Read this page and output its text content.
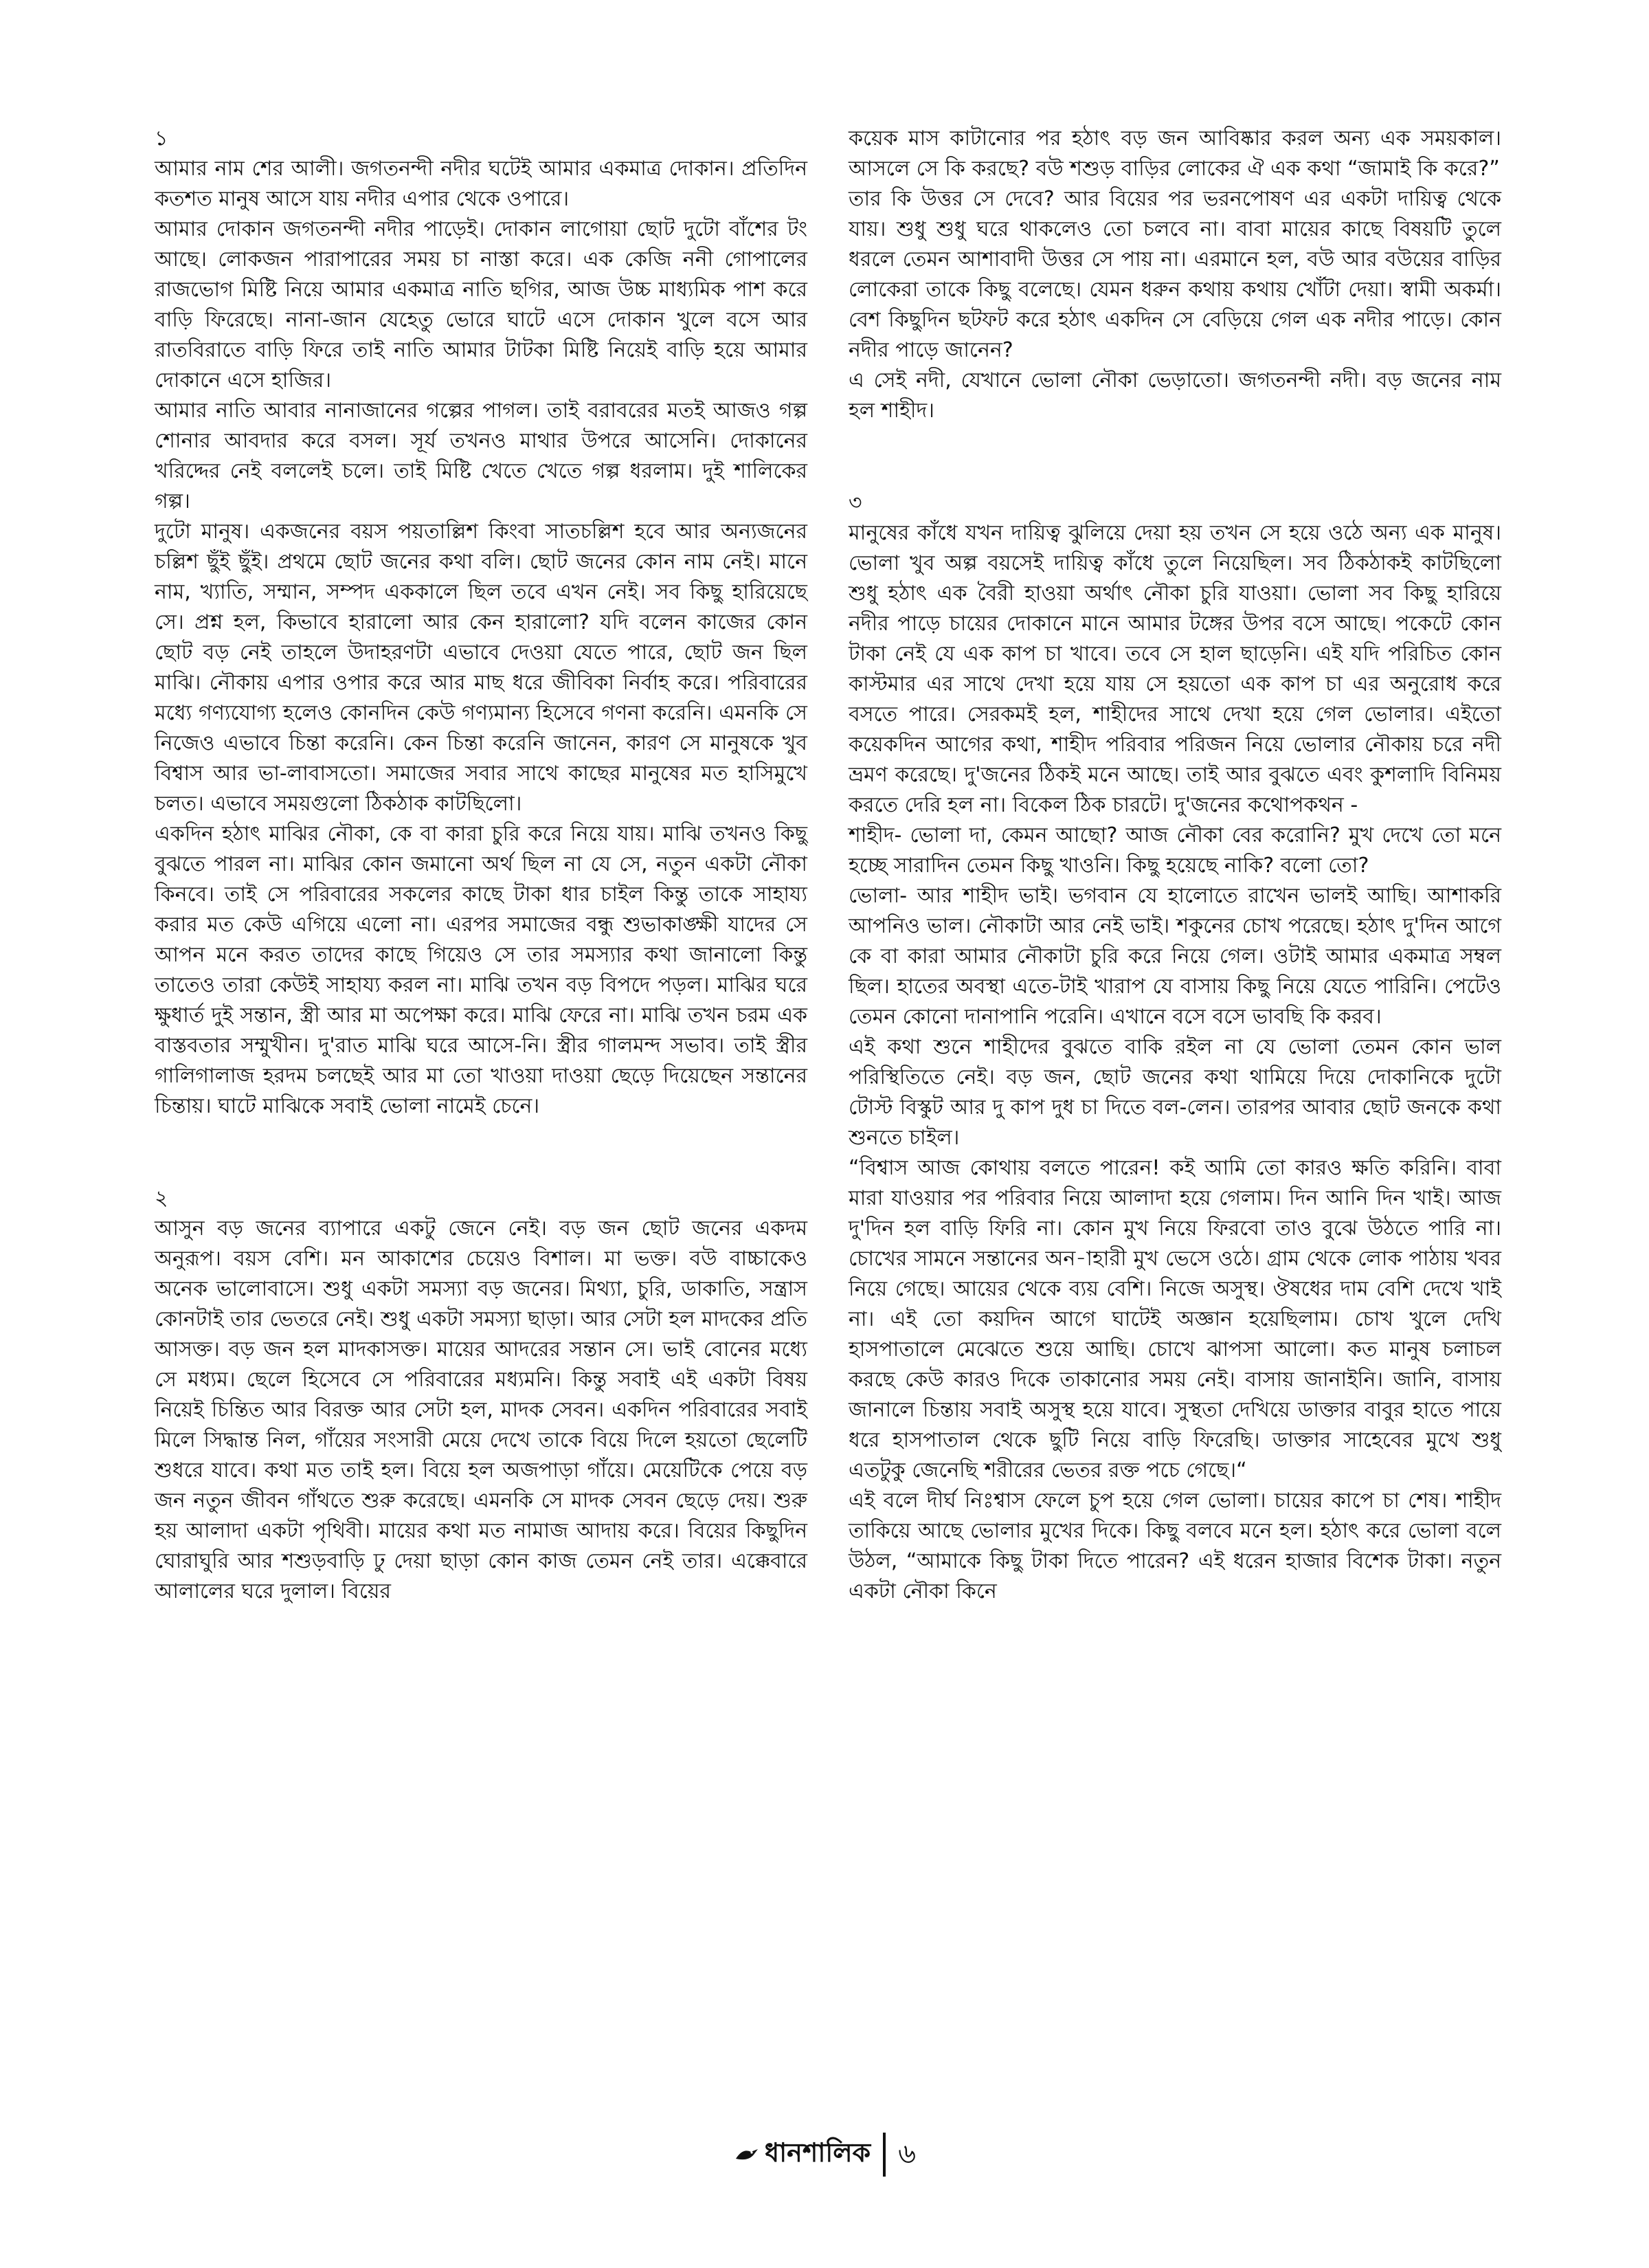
১

আমার নাম শের আলী। জগতনন্দী নদীর ঘটেই আমার একমাত্র দোকান। প্রতিদিন কতশত মানুষ আসে যায় নদীর এপার থেকে ওপারে।

আমার দোকান জগতনন্দী নদীর পাড়েই। দোকান লাগোয়া ছোট দুটো বাঁশের টং আছে। লোকজন পারাপারের সময় চা নাস্তা করে। এক কেজি ননী গোপালের রাজভোগ মিষ্টি নিয়ে আমার একমাত্র নাতি ছগির, আজ উচ্চ মাধ্যমিক পাশ করে বাড়ি ফিরেছে। নানা-জান যেহেতু ভোরে ঘাটে এসে দোকান খুলে বসে আর রাতবিরাতে বাড়ি ফিরে তাই নাতি আমার টাটকা মিষ্টি নিয়েই বাড়ি হয়ে আমার দোকানে এসে হাজির।

আমার নাতি আবার নানাজানের গল্পের পাগল। তাই বরাবরের মতই আজও গল্প শোনার আবদার করে বসল। সূর্য তখনও মাথার উপরে আসেনি। দোকানের খরিদ্দের নেই বললেই চলে। তাই মিষ্টি খেতে খেতে গল্প ধরলাম। দুই শালিকের গল্প।

দুটো মানুষ। একজনের বয়স পয়তাল্লিশ কিংবা সাতচল্লিশ হবে আর অন্যজনের চল্লিশ ছুঁই ছুঁই। প্রথমে ছোট জনের কথা বলি। ছোট জনের কোন নাম নেই। মানে নাম, খ্যাতি, সম্মান, সম্পদ এককালে ছিল তবে এখন নেই। সব কিছু হারিয়েছে সে। প্রশ্ন হল, কিভাবে হারালো আর কেন হারালো? যদি বলেন কাজের কোন ছোট বড় নেই তাহলে উদাহরণটা এভাবে দেওয়া যেতে পারে, ছোট জন ছিল মাঝি। নৌকায় এপার ওপার করে আর মাছ ধরে জীবিকা নির্বাহ করে। পরিবারের মধ্যে গণ্যযোগ্য হলেও কোনদিন কেউ গণ্যমান্য হিসেবে গণনা করেনি। এমনকি সে নিজেও এভাবে চিন্তা করেনি। কেন চিন্তা করেনি জানেন, কারণ সে মানুষকে খুব বিশ্বাস আর ভা-লাবাসতো। সমাজের সবার সাথে কাছের মানুষের মত হাসিমুখে চলত। এভাবে সময়গুলো ঠিকঠাক কাটছিলো।

একদিন হঠাৎ মাঝির নৌকা, কে বা কারা চুরি করে নিয়ে যায়। মাঝি তখনও কিছু বুঝতে পারল না। মাঝির কোন জমানো অর্থ ছিল না যে সে, নতুন একটা নৌকা কিনবে। তাই সে পরিবারের সকলের কাছে টাকা ধার চাইল কিন্তু তাকে সাহায্য করার মত কেউ এগিয়ে এলো না। এরপর সমাজের বন্ধু শুভাকাঙ্ক্ষী যাদের সে আপন মনে করত তাদের কাছে গিয়েও সে তার সমস্যার কথা জানালো কিন্তু তাতেও তারা কেউই সাহায্য করল না। মাঝি তখন বড় বিপদে পড়ল। মাঝির ঘরে ক্ষুধার্ত দুই সন্তান, স্ত্রী আর মা অপেক্ষা করে। মাঝি ফেরে না। মাঝি তখন চরম এক বাস্তবতার সম্মুখীন। দু'রাত মাঝি ঘরে আসে-নি। স্ত্রীর গালমন্দ সভাব। তাই স্ত্রীর গালিগালাজ হরদম চলছেই আর মা তো খাওয়া দাওয়া ছেড়ে দিয়েছেন সন্তানের চিন্তায়। ঘাটে মাঝিকে সবাই ভোলা নামেই চেনে।

২

আসুন বড় জনের ব্যাপারে একটু জেনে নেই। বড় জন ছোট জনের একদম অনুরূপ। বয়স বেশি। মন আকাশের চেয়েও বিশাল। মা ভক্ত। বউ বাচ্চাকেও অনেক ভালোবাসে। শুধু একটা সমস্যা বড় জনের। মিথ্যা, চুরি, ডাকাতি, সন্ত্রাস কোনটাই তার ভেতরে নেই। শুধু একটা সমস্যা ছাড়া। আর সেটা হল মাদকের প্রতি আসক্ত। বড় জন হল মাদকাসক্ত। মায়ের আদরের সন্তান সে। ভাই বোনের মধ্যে সে মধ্যম। ছেলে হিসেবে সে পরিবারের মধ্যমনি। কিন্তু সবাই এই একটা বিষয় নিয়েই চিন্তিত আর বিরক্ত আর সেটা হল, মাদক সেবন। একদিন পরিবারের সবাই মিলে সিদ্ধান্ত নিল, গাঁয়ের সংসারী মেয়ে দেখে তাকে বিয়ে দিলে হয়তো ছেলেটি শুধরে যাবে। কথা মত তাই হল। বিয়ে হল অজপাড়া গাঁয়ে। মেয়েটিকে পেয়ে বড় জন নতুন জীবন গাঁথতে শুরু করেছে। এমনকি সে মাদক সেবন ছেড়ে দেয়। শুরু হয় আলাদা একটা পৃথিবী। মায়ের কথা মত নামাজ আদায় করে। বিয়ের কিছুদিন ঘোরাঘুরি আর শশুড়বাড়ি ঢু দেয়া ছাড়া কোন কাজ তেমন নেই তার। এক্কেবারে আলালের ঘরে দুলাল। বিয়ের

কয়েক মাস কাটানোর পর হঠাৎ বড় জন আবিষ্কার করল অন্য এক সময়কাল। আসলে সে কি করছে? বউ শশুড় বাড়ির লোকের ঐ এক কথা “জামাই কি করে?”

তার কি উত্তর সে দেবে? আর বিয়ের পর ভরনপোষণ এর একটা দায়িত্ব থেকে যায়। শুধু শুধু ঘরে থাকলেও তো চলবে না। বাবা মায়ের কাছে বিষয়টি তুলে ধরলে তেমন আশাবাদী উত্তর সে পায় না। এরমানে হল, বউ আর বউয়ের বাড়ির লোকেরা তাকে কিছু বলেছে। যেমন ধরুন কথায় কথায় খোঁটা দেয়া। স্বামী অকর্মা। বেশ কিছুদিন ছটফট করে হঠাৎ একদিন সে বেড়িয়ে গেল এক নদীর পাড়ে। কোন নদীর পাড়ে জানেন?

এ সেই নদী, যেখানে ভোলা নৌকা ভেড়াতো। জগতনন্দী নদী। বড় জনের নাম হল শাহীদ।

৩

মানুষের কাঁধে যখন দায়িত্ব ঝুলিয়ে দেয়া হয় তখন সে হয়ে ওঠে অন্য এক মানুষ। ভোলা খুব অল্প বয়সেই দায়িত্ব কাঁধে তুলে নিয়েছিল। সব ঠিকঠাকই কাটছিলো শুধু হঠাৎ এক বৈরী হাওয়া অর্থাৎ নৌকা চুরি যাওয়া। ভোলা সব কিছু হারিয়ে নদীর পাড়ে চায়ের দোকানে মানে আমার টঙ্গের উপর বসে আছে। পকেটে কোন টাকা নেই যে এক কাপ চা খাবে। তবে সে হাল ছাড়েনি। এই যদি পরিচিত কোন কাস্টমার এর সাথে দেখা হয়ে যায় সে হয়তো এক কাপ চা এর অনুরোধ করে বসতে পারে। সেরকমই হল, শাহীদের সাথে দেখা হয়ে গেল ভোলার। এইতো কয়েকদিন আগের কথা, শাহীদ পরিবার পরিজন নিয়ে ভোলার নৌকায় চরে নদী ভ্রমণ করেছে। দু'জনের ঠিকই মনে আছে। তাই আর বুঝতে এবং কুশলাদি বিনিময় করতে দেরি হল না। বিকেল ঠিক চারটে। দু'জনের কথোপকথন -

শাহীদ- ভোলা দা, কেমন আছো? আজ নৌকা বের করোনি? মুখ দেখে তো মনে হচ্ছে সারাদিন তেমন কিছু খাওনি। কিছু হয়েছে নাকি? বলো তো?

ভোলা- আর শাহীদ ভাই। ভগবান যে হালোতে রাখেন ভালই আছি। আশাকরি আপনিও ভাল। নৌকাটা আর নেই ভাই। শকুনের চোখ পরেছে। হঠাৎ দু'দিন আগে কে বা কারা আমার নৌকাটা চুরি করে নিয়ে গেল। ওটাই আমার একমাত্র সম্বল ছিল। হাতের অবস্থা এতে-টাই খারাপ যে বাসায় কিছু নিয়ে যেতে পারিনি। পেটেও তেমন কোনো দানাপানি পরেনি। এখানে বসে বসে ভাবছি কি করব।

এই কথা শুনে শাহীদের বুঝতে বাকি রইল না যে ভোলা তেমন কোন ভাল পরিস্থিতিতে নেই। বড় জন, ছোট জনের কথা থামিয়ে দিয়ে দোকানিকে দুটো টোস্ট বিস্কুট আর দু কাপ দুধ চা দিতে বল-লেন। তারপর আবার ছোট জনকে কথা শুনতে চাইল।

“বিশ্বাস আজ কোথায় বলতে পারেন! কই আমি তো কারও ক্ষতি করিনি। বাবা মারা যাওয়ার পর পরিবার নিয়ে আলাদা হয়ে গেলাম। দিন আনি দিন খাই। আজ দু'দিন হল বাড়ি ফিরি না। কোন মুখ নিয়ে ফিরবো তাও বুঝে উঠতে পারি না। চোখের সামনে সন্তানের অন-াহারী মুখ ভেসে ওঠে। গ্রাম থেকে লোক পাঠায় খবর নিয়ে গেছে। আয়ের থেকে ব্যয় বেশি। নিজে অসুস্থ। ঔষধের দাম বেশি দেখে খাই না। এই তো কয়দিন আগে ঘাটেই অজ্ঞান হয়েছিলাম। চোখ খুলে দেখি হাসপাতালে মেঝেতে শুয়ে আছি। চোখে ঝাপসা আলো। কত মানুষ চলাচল করছে কেউ কারও দিকে তাকানোর সময় নেই। বাসায় জানাইনি। জানি, বাসায় জানালে চিন্তায় সবাই অসুস্থ হয়ে যাবে। সুস্থতা দেখিয়ে ডাক্তার বাবুর হাতে পায়ে ধরে হাসপাতাল থেকে ছুটি নিয়ে বাড়ি ফিরেছি। ডাক্তার সাহেবের মুখে শুধু এতটুকু জেনেছি শরীরের ভেতর রক্ত পচে গেছে।“

এই বলে দীর্ঘ নিঃশ্বাস ফেলে চুপ হয়ে গেল ভোলা। চায়ের কাপে চা শেষ। শাহীদ তাকিয়ে আছে ভোলার মুখের দিকে। কিছু বলবে মনে হল। হঠাৎ করে ভোলা বলে উঠল, “আমাকে কিছু টাকা দিতে পারেন? এই ধরেন হাজার বিশেক টাকা। নতুন একটা নৌকা কিনে

ধানশালিক ৬
